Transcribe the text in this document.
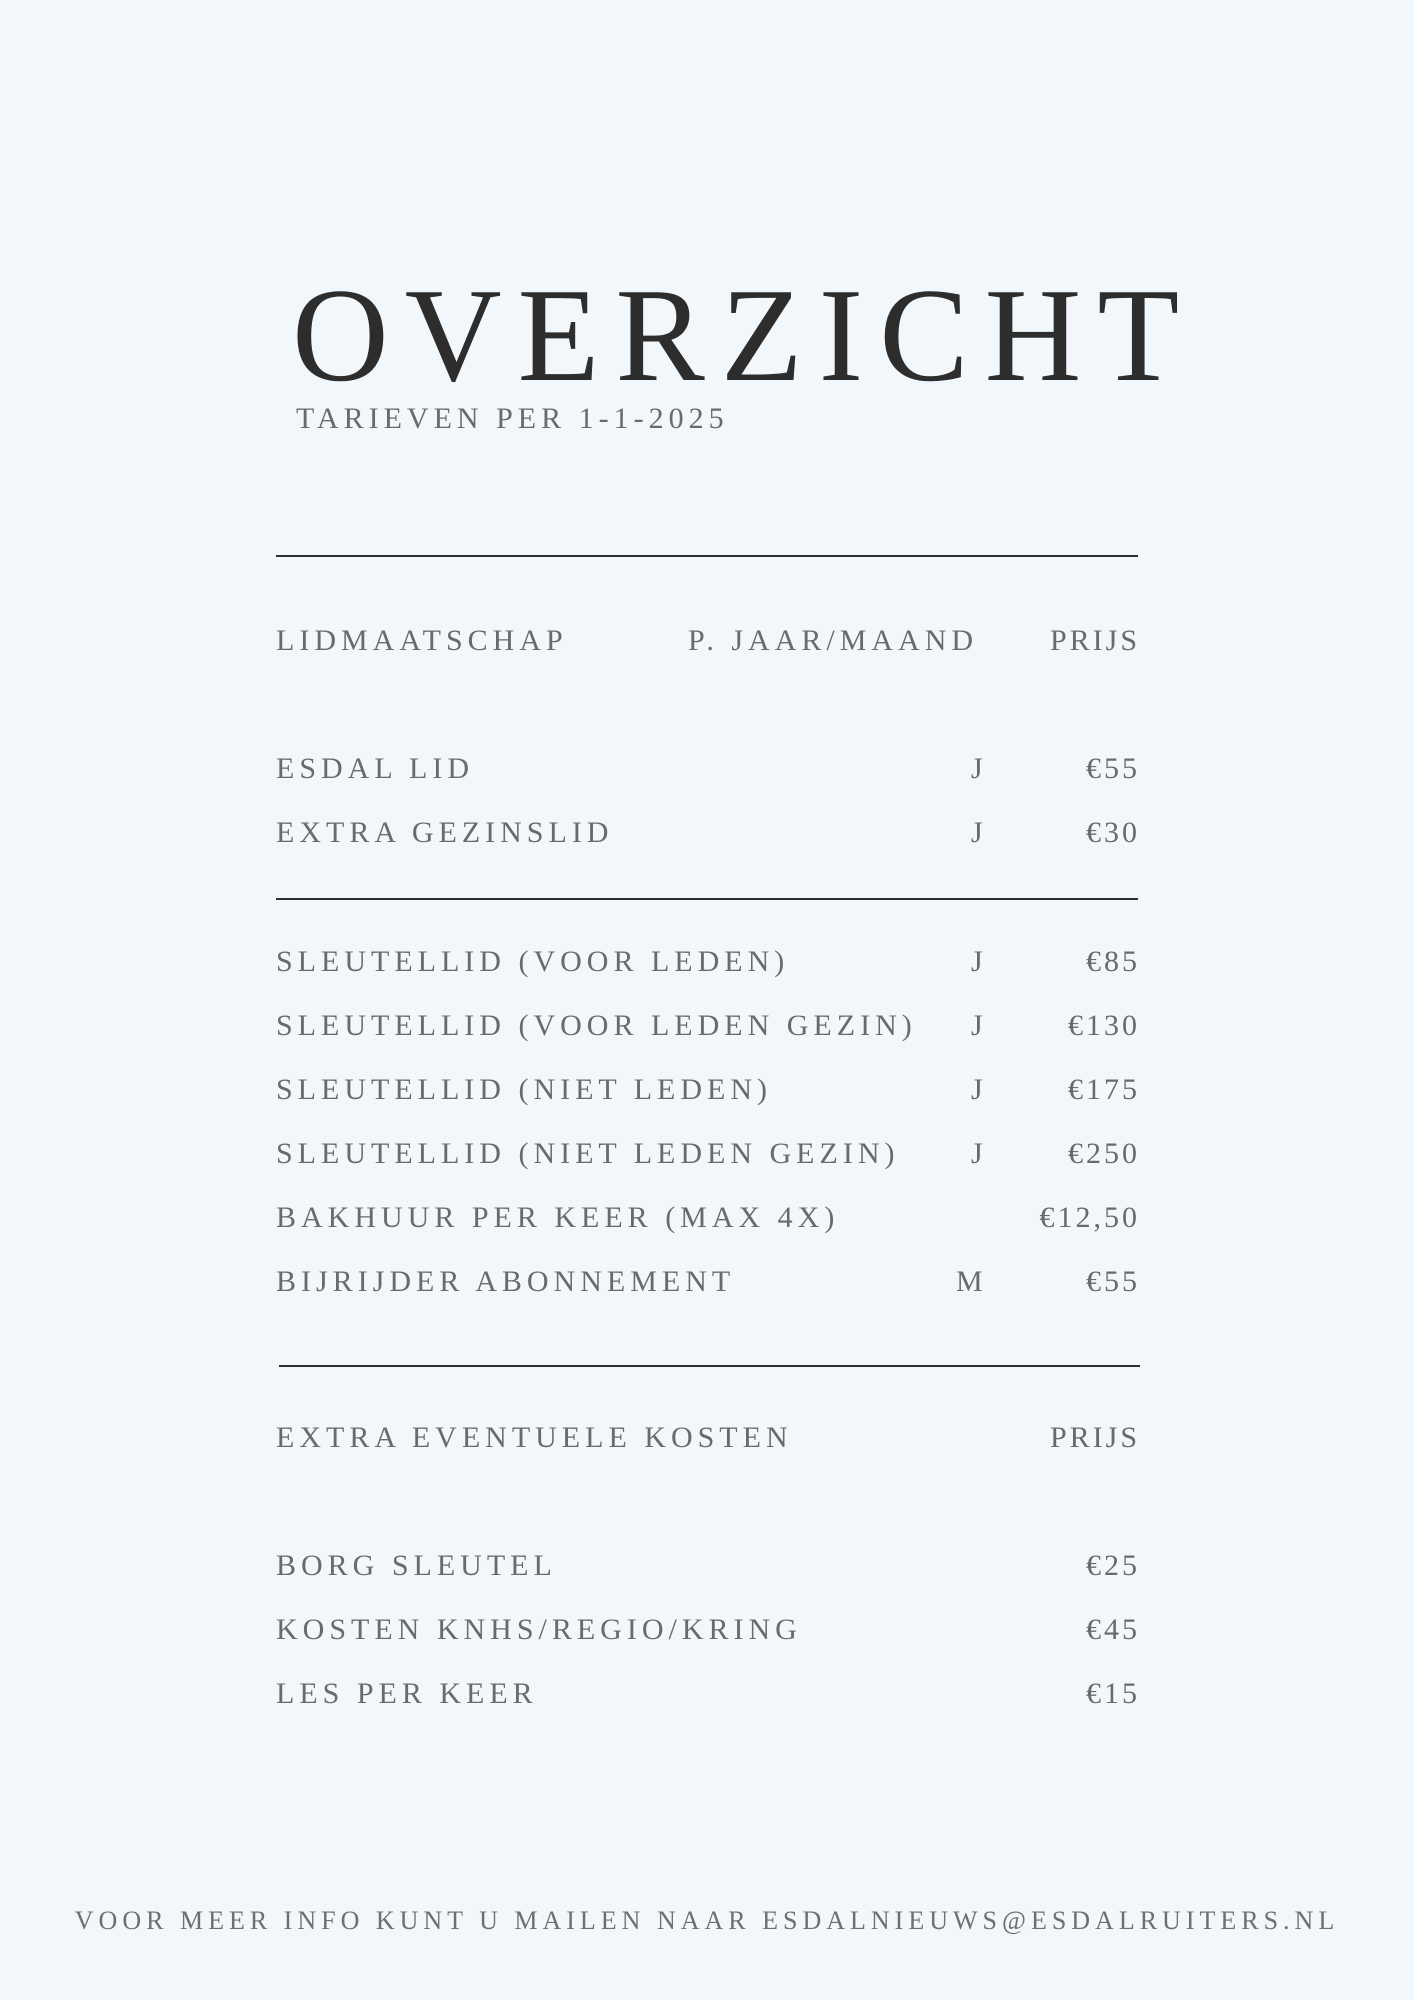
OVERZICHT
TARIEVEN PER 1-1-2025
LIDMAATSCHAP	P. JAAR/MAAND PRIJS
ESDAL LID	J	€55
EXTRA GEZINSLID	J	€30
SLEUTELLID (VOOR LEDEN)	J	€85
SLEUTELLID (VOOR LEDEN GEZIN) J	€130
SLEUTELLID (NIET LEDEN)	J	€175
SLEUTELLID (NIET LEDEN GEZIN) J	€250
BAKHUUR PER KEER (MAX 4X)	€12,50
BIJRIJDER ABONNEMENT	M	€55
EXTRA EVENTUELE KOSTEN	PRIJS
BORG SLEUTEL	€25
KOSTEN KNHS/REGIO/KRING	€45
LES PER KEER	€15
VOOR MEER INFO KUNT U MAILEN NAAR ESDALNIEUWS@ESDALRUITERS.NL
